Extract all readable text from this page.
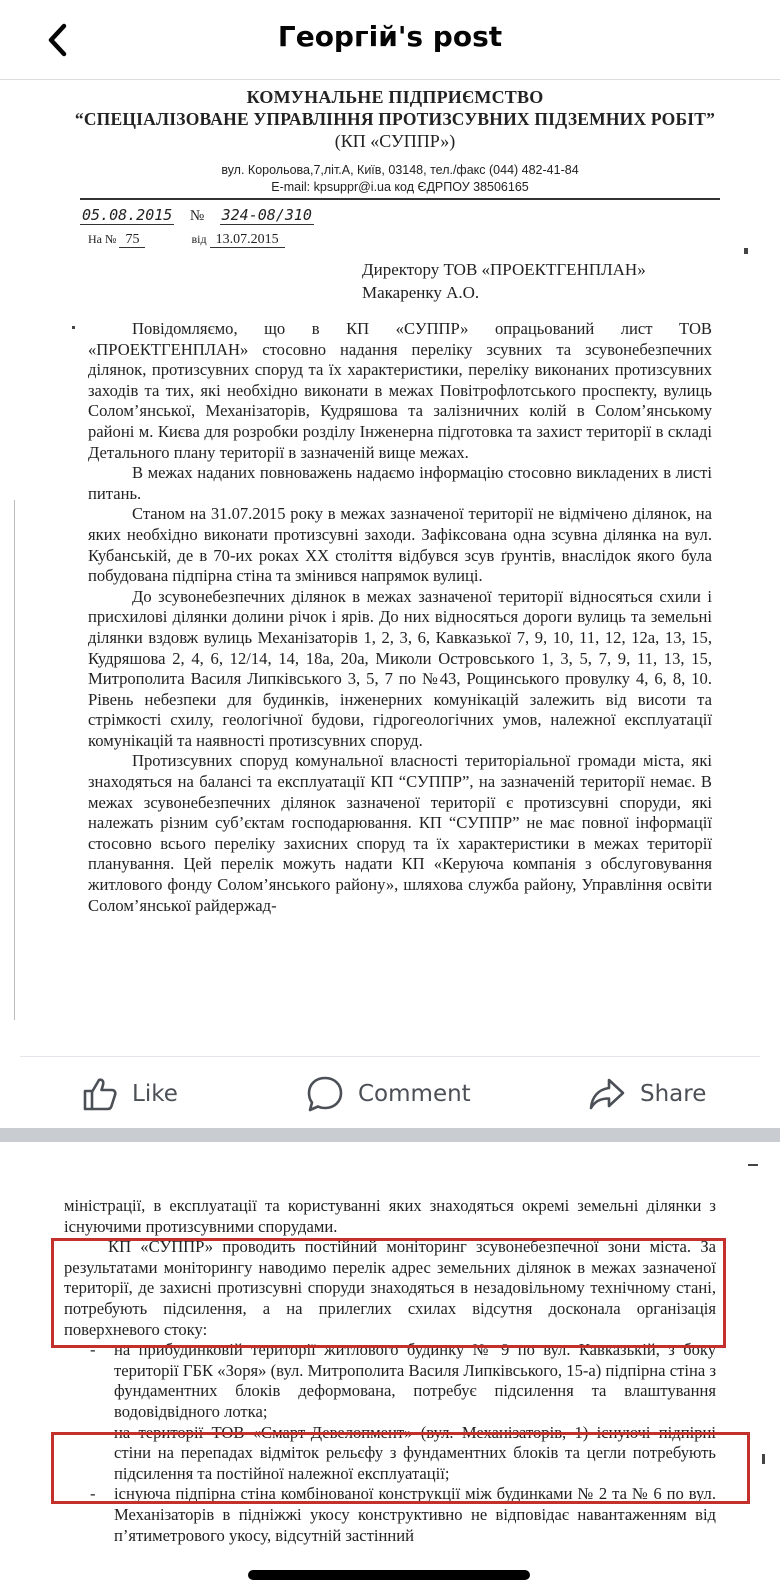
Георгій's post
КОМУНАЛЬНЕ ПІДПРИЄМСТВО
“СПЕЦІАЛІЗОВАНЕ УПРАВЛІННЯ ПРОТИЗСУВНИХ ПІДЗЕМНИХ РОБІТ”
(КП «СУППР»)
вул. Корольова,7,літ.А, Київ, 03148, тел./факс (044) 482-41-84
E-mail: kpsuppr@i.ua код ЄДРПОУ 38506165
05.08.2015 № 324-08/310
На № 75	від 13.07.2015
Директору ТОВ «ПРОЕКТГЕНПЛАН»
Макаренку А.О.

Повідомляємо, що в КП «СУППР» опрацьований лист ТОВ «ПРОЕКТГЕНПЛАН» стосовно надання переліку зсувних та зсувонебезпечних ділянок, протизсувних споруд та їх характеристики, переліку виконаних протизсувних заходів та тих, які необхідно виконати в межах Повітрофлотського проспекту, вулиць Солом’янської, Механізаторів, Кудряшова та залізничних колій в Солом’янському районі м. Києва для розробки розділу Інженерна підготовка та захист території в складі Детального плану території в зазначеній вище межах.

В межах наданих повноважень надаємо інформацію стосовно викладених в листі питань.

Станом на 31.07.2015 року в межах зазначеної території не відмічено ділянок, на яких необхідно виконати протизсувні заходи. Зафіксована одна зсувна ділянка на вул. Кубанській, де в 70-их роках XX століття відбувся зсув ґрунтів, внаслідок якого була побудована підпірна стіна та змінився напрямок вулиці.

До зсувонебезпечних ділянок в межах зазначеної території відносяться схили і присхилові ділянки долини річок і ярів. До них відносяться дороги вулиць та земельні ділянки вздовж вулиць Механізаторів 1, 2, 3, 6, Кавказької 7, 9, 10, 11, 12, 12а, 13, 15, Кудряшова 2, 4, 6, 12/14, 14, 18а, 20а, Миколи Островського 1, 3, 5, 7, 9, 11, 13, 15, Митрополита Василя Липківського 3, 5, 7 по №43, Рощинського провулку 4, 6, 8, 10. Рівень небезпеки для будинків, інженерних комунікацій залежить від висоти та стрімкості схилу, геологічної будови, гідрогеологічних умов, належної експлуатації комунікацій та наявності протизсувних споруд.

Протизсувних споруд комунальної власності територіальної громади міста, які знаходяться на балансі та експлуатації КП “СУППР”, на зазначеній території немає. В межах зсувонебезпечних ділянок зазначеної території є протизсувні споруди, які належать різним суб’єктам господарювання. КП “СУППР” не має повної інформації стосовно всього переліку захисних споруд та їх характеристики в межах території планування. Цей перелік можуть надати КП «Керуюча компанія з обслуговування житлового фонду Солом’янського району», шляхова служба району, Управління освіти Солом’янської райдержад-

Like	Comment	Share

міністрації, в експлуатації та користуванні яких знаходяться окремі земельні ділянки з існуючими протизсувними спорудами.

КП «СУППР» проводить постійний моніторинг зсувонебезпечної зони міста. За результатами моніторингу наводимо перелік адрес земельних ділянок в межах зазначеної території, де захисні протизсувні споруди знаходяться в незадовільному технічному стані, потребують підсилення, а на прилеглих схилах відсутня досконала організація поверхневого стоку:

- на прибудинковій території житлового будинку № 9 по вул. Кавказькій, з боку території ГБК «Зоря» (вул. Митрополита Василя Липківського, 15-а) підпірна стіна з фундаментних блоків деформована, потребує підсилення та влаштування водовідвідного лотка;
- на території ТОВ «Смарт-Девелопмент» (вул. Механізаторів, 1) існуючі підпірні стіни на перепадах відміток рельєфу з фундаментних блоків та цегли потребують підсилення та постійної належної експлуатації;
- існуюча підпірна стіна комбінованої конструкції між будинками № 2 та № 6 по вул. Механізаторів в підніжжі укосу конструктивно не відповідає навантаженням від п’ятиметрового укосу, відсутній застінний
